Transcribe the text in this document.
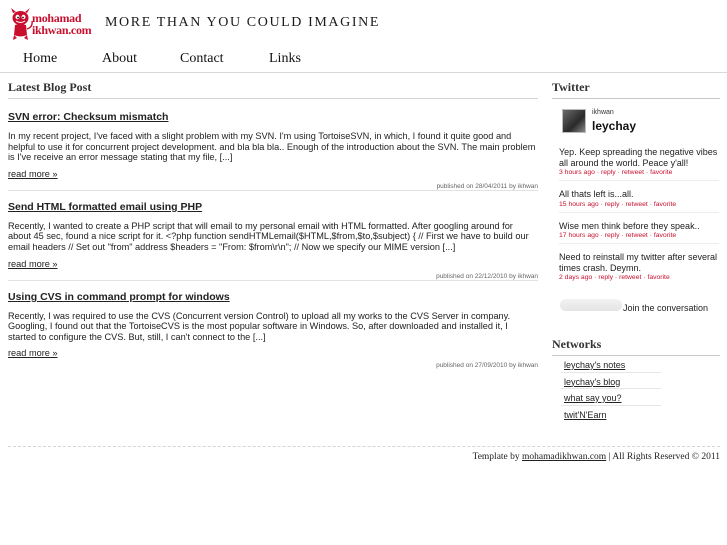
mohamad
ikhwan.com MORE THAN YOU COULD IMAGINE
Home	About	Contact	Links
Latest Blog Post
SVN error: Checksum mismatch
In my recent project, I've faced with a slight problem with my SVN. I'm using TortoiseSVN, in which, I found it quite good and helpful to use it for concurrent project development. and bla bla bla.. Enough of the introduction about the SVN. The main problem is I've receive an error message stating that my file, [...]
read more »
published on 28/04/2011 by ikhwan
Send HTML formatted email using PHP
Recently, I wanted to create a PHP script that will email to my personal email with HTML formatted. After googling around for about 45 sec, found a nice script for it. <?php function sendHTMLemail($HTML,$from,$to,$subject) { // First we have to build our email headers // Set out "from" address $headers = "From: $from\r\n"; // Now we specify our MIME version [...]
read more »
published on 22/12/2010 by ikhwan
Using CVS in command prompt for windows
Recently, I was required to use the CVS (Concurrent version Control) to upload all my works to the CVS Server in company. Googling, I found out that the TortoiseCVS is the most popular software in Windows. So, after downloaded and installed it, I started to configure the CVS. But, still, I can't connect to the [...]
read more »
published on 27/09/2010 by ikhwan
Twitter
ikhwan
leychay
Yep. Keep spreading the negative vibes all around the world. Peace y'all!
3 hours ago · reply · retweet · favorite
All thats left is...all.
15 hours ago · reply · retweet · favorite
Wise men think before they speak..
17 hours ago · reply · retweet · favorite
Need to reinstall my twitter after several times crash. Deymn.
2 days ago · reply · retweet · favorite
Join the conversation
Networks
leychay's notes
leychay's blog
what say you?
twit'N'Earn
Template by mohamadikhwan.com | All Rights Reserved © 2011
